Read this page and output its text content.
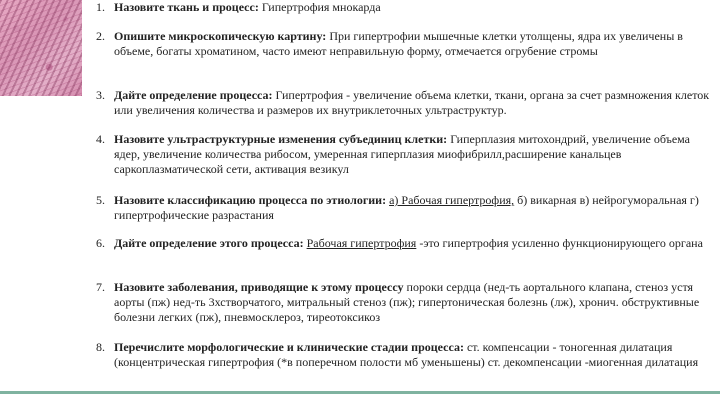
1. Назовите ткань и процесс: Гипертрофия мнокарда
2. Опишите микроскопическую картину: При гипертрофии мышечные клетки утолщены, ядра их увеличены в объеме, богаты хроматином, часто имеют неправильную форму, отмечается огрубение стромы
3. Дайте определение процесса: Гипертрофия - увеличение объема клетки, ткани, органа за счет размножения клеток или увеличения количества и размеров их внутриклеточных ультраструктур.
4. Назовите ультраструктурные изменения субъединиц клетки: Гиперплазия митохондрий, увеличение объема ядер, увеличение количества рибосом, умеренная гиперплазия миофибрилл,расширение канальцев саркоплазматической сети, активация везикул
5. Назовите классификацию процесса по этиологии: а) Рабочая гипертрофия, б) викарная в) нейрогуморальная г) гипертрофические разрастания
6. Дайте определение этого процесса: Рабочая гипертрофия -это гипертрофия усиленно функционирующего органа
7. Назовите заболевания, приводящие к этому процессу пороки сердца (нед-ть аортального клапана, стеноз устя аорты (пж) нед-ть 3хстворчатого, митральный стеноз (пж); гипертоническая болезнь (лж), хронич. обструктивные болезни легких (пж), пневмосклероз, тиреотоксикоз
8. Перечислите морфологические и клинические стадии процесса: ст. компенсации - тоногенная дилатация (концентрическая гипертрофия (*в поперечном полости мб уменьшены) ст. декомпенсации -миогенная дилатация
